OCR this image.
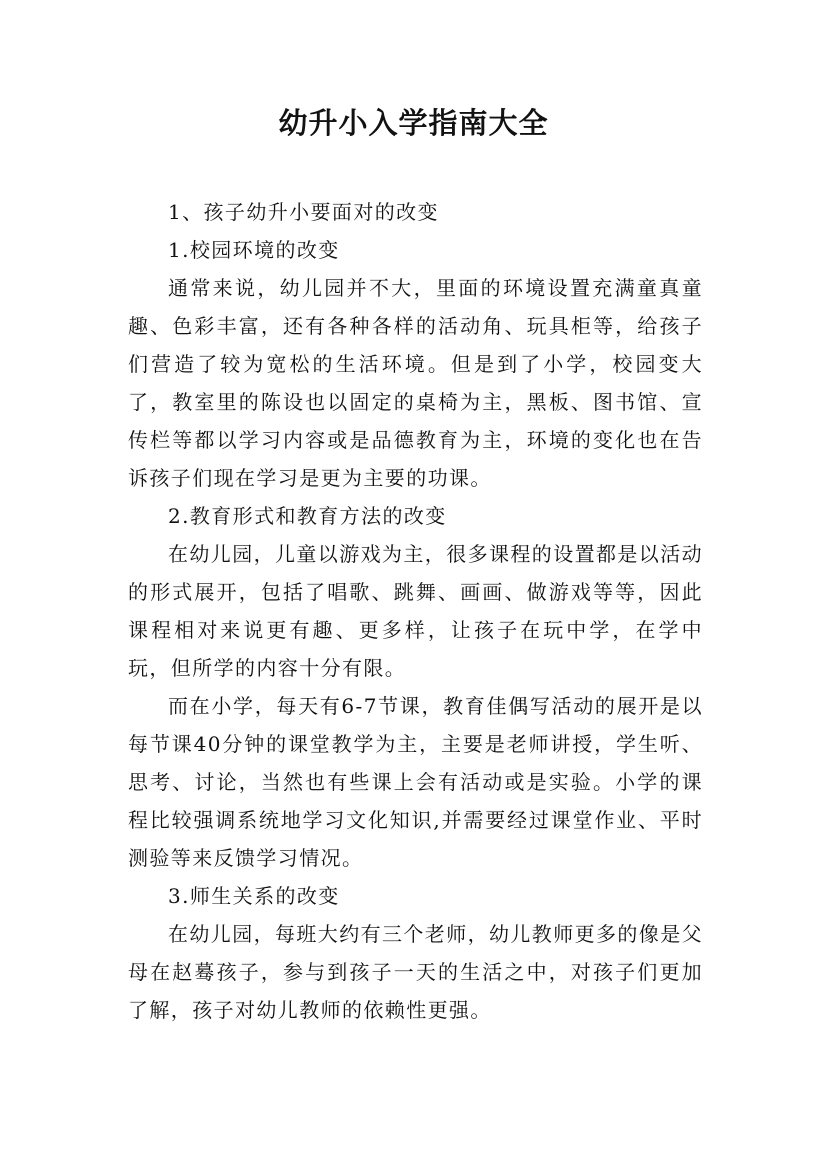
幼升小入学指南大全

1、孩子幼升小要面对的改变

1.校园环境的改变

通常来说，幼儿园并不大，里面的环境设置充满童真童趣、色彩丰富，还有各种各样的活动角、玩具柜等，给孩子们营造了较为宽松的生活环境。但是到了小学，校园变大了，教室里的陈设也以固定的桌椅为主，黑板、图书馆、宣传栏等都以学习内容或是品德教育为主，环境的变化也在告诉孩子们现在学习是更为主要的功课。

2.教育形式和教育方法的改变

在幼儿园，儿童以游戏为主，很多课程的设置都是以活动的形式展开，包括了唱歌、跳舞、画画、做游戏等等，因此课程相对来说更有趣、更多样，让孩子在玩中学，在学中玩，但所学的内容十分有限。

而在小学，每天有6-7节课，教育佳偶写活动的展开是以每节课40分钟的课堂教学为主，主要是老师讲授，学生听、思考、讨论，当然也有些课上会有活动或是实验。小学的课程比较强调系统地学习文化知识,并需要经过课堂作业、平时测验等来反馈学习情况。

3.师生关系的改变

在幼儿园，每班大约有三个老师，幼儿教师更多的像是父母在赵蓦孩子，参与到孩子一天的生活之中，对孩子们更加了解，孩子对幼儿教师的依赖性更强。
